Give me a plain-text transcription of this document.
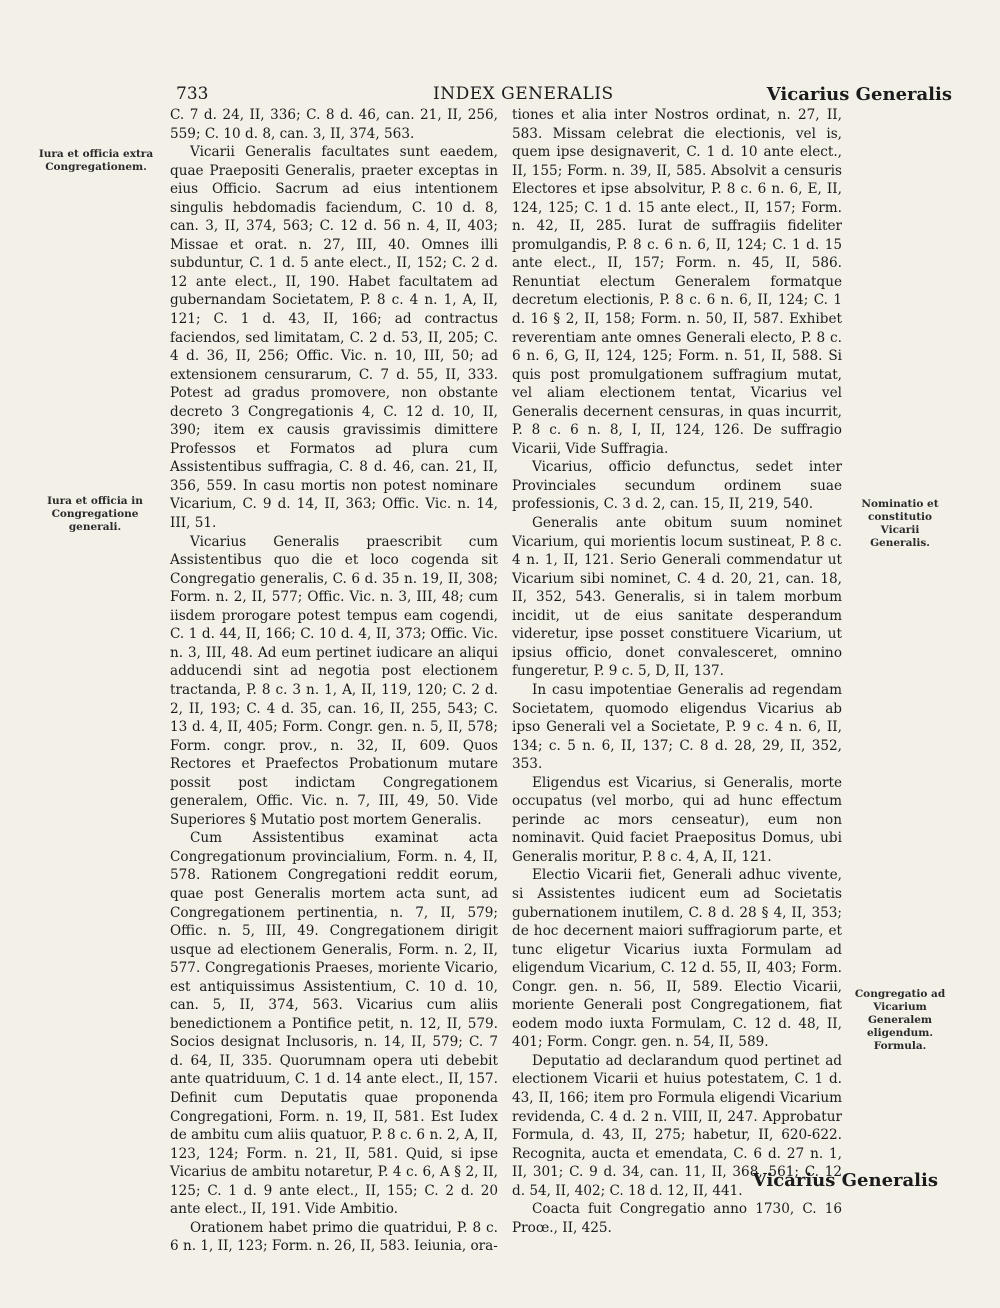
733	INDEX GENERALIS	Vicarius Generalis
Iura et officia extra Congregationem.
Iura et officia in Congregatione generali.
Nominatio et constitutio Vicarii Generalis.
Congregatio ad Vicarium Generalem eligendum. Formula.

C. 7 d. 24, II, 336; C. 8 d. 46, can. 21, II, 256, 559; C. 10 d. 8, can. 3, II, 374, 563.

Vicarii Generalis facultates sunt eaedem, quae Praepositi Generalis, praeter exceptas in eius Officio. Sacrum ad eius intentionem singulis hebdomadis faciendum, C. 10 d. 8, can. 3, II, 374, 563; C. 12 d. 56 n. 4, II, 403; Missae et orat. n. 27, III, 40. Omnes illi subduntur, C. 1 d. 5 ante elect., II, 152; C. 2 d. 12 ante elect., II, 190. Habet facultatem ad gubernandam Societatem, P. 8 c. 4 n. 1, A, II, 121; C. 1 d. 43, II, 166; ad contractus faciendos, sed limitatam, C. 2 d. 53, II, 205; C. 4 d. 36, II, 256; Offic. Vic. n. 10, III, 50; ad extensionem censurarum, C. 7 d. 55, II, 333. Potest ad gradus promovere, non obstante decreto 3 Congregationis 4, C. 12 d. 10, II, 390; item ex causis gravissimis dimittere Professos et Formatos ad plura cum Assistentibus suffragia, C. 8 d. 46, can. 21, II, 356, 559. In casu mortis non potest nominare Vicarium, C. 9 d. 14, II, 363; Offic. Vic. n. 14, III, 51.

Vicarius Generalis praescribit cum Assistentibus quo die et loco cogenda sit Congregatio generalis, C. 6 d. 35 n. 19, II, 308; Form. n. 2, II, 577; Offic. Vic. n. 3, III, 48; cum iisdem prorogare potest tempus eam cogendi, C. 1 d. 44, II, 166; C. 10 d. 4, II, 373; Offic. Vic. n. 3, III, 48. Ad eum pertinet iudicare an aliqui adducendi sint ad negotia post electionem tractanda, P. 8 c. 3 n. 1, A, II, 119, 120; C. 2 d. 2, II, 193; C. 4 d. 35, can. 16, II, 255, 543; C. 13 d. 4, II, 405; Form. Congr. gen. n. 5, II, 578; Form. congr. prov., n. 32, II, 609. Quos Rectores et Praefectos Probationum mutare possit post indictam Congregationem generalem, Offic. Vic. n. 7, III, 49, 50. Vide Superiores § Mutatio post mortem Generalis.

Cum Assistentibus examinat acta Congregationum provincialium, Form. n. 4, II, 578. Rationem Congregationi reddit eorum, quae post Generalis mortem acta sunt, ad Congregationem pertinentia, n. 7, II, 579; Offic. n. 5, III, 49. Congregationem dirigit usque ad electionem Generalis, Form. n. 2, II, 577. Congregationis Praeses, moriente Vicario, est antiquissimus Assistentium, C. 10 d. 10, can. 5, II, 374, 563. Vicarius cum aliis benedictionem a Pontifice petit, n. 12, II, 579. Socios designat Inclusoris, n. 14, II, 579; C. 7 d. 64, II, 335. Quorumnam opera uti debebit ante quatriduum, C. 1 d. 14 ante elect., II, 157. Definit cum Deputatis quae proponenda Congregationi, Form. n. 19, II, 581. Est Iudex de ambitu cum aliis quatuor, P. 8 c. 6 n. 2, A, II, 123, 124; Form. n. 21, II, 581. Quid, si ipse Vicarius de ambitu notaretur, P. 4 c. 6, A § 2, II, 125; C. 1 d. 9 ante elect., II, 155; C. 2 d. 20 ante elect., II, 191. Vide Ambitio.

Orationem habet primo die quatridui, P. 8 c. 6 n. 1, II, 123; Form. n. 26, II, 583. Ieiunia, ora-

tiones et alia inter Nostros ordinat, n. 27, II, 583. Missam celebrat die electionis, vel is, quem ipse designaverit, C. 1 d. 10 ante elect., II, 155; Form. n. 39, II, 585. Absolvit a censuris Electores et ipse absolvitur, P. 8 c. 6 n. 6, E, II, 124, 125; C. 1 d. 15 ante elect., II, 157; Form. n. 42, II, 285. Iurat de suffragiis fideliter promulgandis, P. 8 c. 6 n. 6, II, 124; C. 1 d. 15 ante elect., II, 157; Form. n. 45, II, 586. Renuntiat electum Generalem formatque decretum electionis, P. 8 c. 6 n. 6, II, 124; C. 1 d. 16 § 2, II, 158; Form. n. 50, II, 587. Exhibet reverentiam ante omnes Generali electo, P. 8 c. 6 n. 6, G, II, 124, 125; Form. n. 51, II, 588. Si quis post promulgationem suffragium mutat, vel aliam electionem tentat, Vicarius vel Generalis decernent censuras, in quas incurrit, P. 8 c. 6 n. 8, I, II, 124, 126. De suffragio Vicarii, Vide Suffragia.

Vicarius, officio defunctus, sedet inter Provinciales secundum ordinem suae professionis, C. 3 d. 2, can. 15, II, 219, 540.

Generalis ante obitum suum nominet Vicarium, qui morientis locum sustineat, P. 8 c. 4 n. 1, II, 121. Serio Generali commendatur ut Vicarium sibi nominet, C. 4 d. 20, 21, can. 18, II, 352, 543. Generalis, si in talem morbum incidit, ut de eius sanitate desperandum videretur, ipse posset constituere Vicarium, ut ipsius officio, donet convalesceret, omnino fungeretur, P. 9 c. 5, D, II, 137.

In casu impotentiae Generalis ad regendam Societatem, quomodo eligendus Vicarius ab ipso Generali vel a Societate, P. 9 c. 4 n. 6, II, 134; c. 5 n. 6, II, 137; C. 8 d. 28, 29, II, 352, 353.

Eligendus est Vicarius, si Generalis, morte occupatus (vel morbo, qui ad hunc effectum perinde ac mors censeatur), eum non nominavit. Quid faciet Praepositus Domus, ubi Generalis moritur, P. 8 c. 4, A, II, 121.

Electio Vicarii fiet, Generali adhuc vivente, si Assistentes iudicent eum ad Societatis gubernationem inutilem, C. 8 d. 28 § 4, II, 353; de hoc decernent maiori suffragiorum parte, et tunc eligetur Vicarius iuxta Formulam ad eligendum Vicarium, C. 12 d. 55, II, 403; Form. Congr. gen. n. 56, II, 589. Electio Vicarii, moriente Generali post Congregationem, fiat eodem modo iuxta Formulam, C. 12 d. 48, II, 401; Form. Congr. gen. n. 54, II, 589.

Deputatio ad declarandum quod pertinet ad electionem Vicarii et huius potestatem, C. 1 d. 43, II, 166; item pro Formula eligendi Vicarium revidenda, C. 4 d. 2 n. VIII, II, 247. Approbatur Formula, d. 43, II, 275; habetur, II, 620-622. Recognita, aucta et emendata, C. 6 d. 27 n. 1, II, 301; C. 9 d. 34, can. 11, II, 368, 561; C. 12 d. 54, II, 402; C. 18 d. 12, II, 441.

Coacta fuit Congregatio anno 1730, C. 16 Proœ., II, 425.

Vicarius Generalis
